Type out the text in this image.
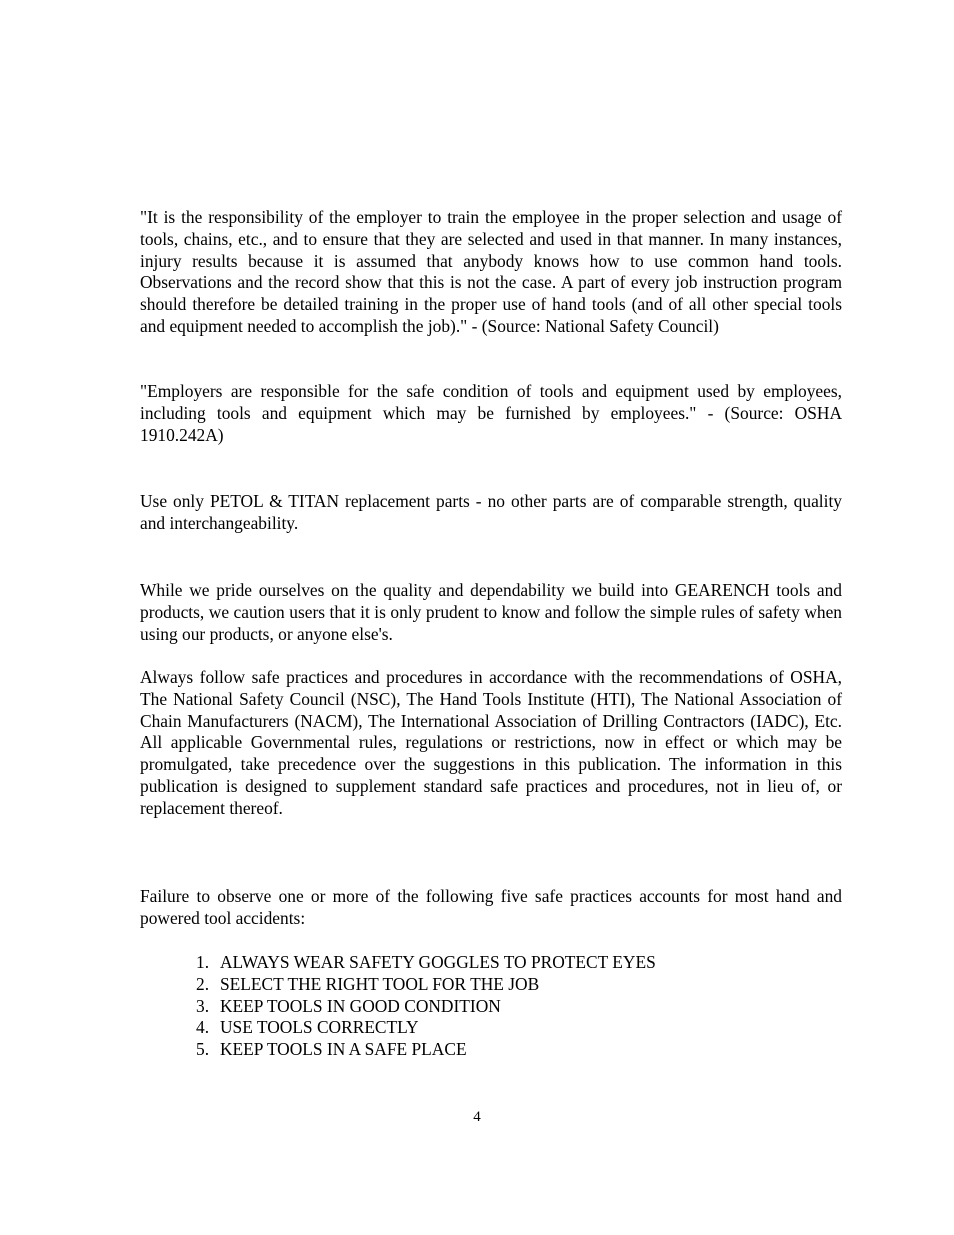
"It is the responsibility of the employer to train the employee in the proper selection and usage of tools, chains, etc., and to ensure that they are selected and used in that manner. In many instances, injury results because it is assumed that anybody knows how to use common hand tools. Observations and the record show that this is not the case. A part of every job instruction program should therefore be detailed training in the proper use of hand tools (and of all other special tools and equipment needed to accomplish the job)." - (Source: National Safety Council)

"Employers are responsible for the safe condition of tools and equipment used by employees, including tools and equipment which may be furnished by employees." - (Source: OSHA 1910.242A)

Use only PETOL & TITAN replacement parts - no other parts are of comparable strength, quality and interchangeability.

While we pride ourselves on the quality and dependability we build into GEARENCH tools and products, we caution users that it is only prudent to know and follow the simple rules of safety when using our products, or anyone else's.

Always follow safe practices and procedures in accordance with the recommendations of OSHA, The National Safety Council (NSC), The Hand Tools Institute (HTI), The National Association of Chain Manufacturers (NACM), The International Association of Drilling Contractors (IADC), Etc. All applicable Governmental rules, regulations or restrictions, now in effect or which may be promulgated, take precedence over the suggestions in this publication. The information in this publication is designed to supplement standard safe practices and procedures, not in lieu of, or replacement thereof.

Failure to observe one or more of the following five safe practices accounts for most hand and powered tool accidents:

1. ALWAYS WEAR SAFETY GOGGLES TO PROTECT EYES
2. SELECT THE RIGHT TOOL FOR THE JOB
3. KEEP TOOLS IN GOOD CONDITION
4. USE TOOLS CORRECTLY
5. KEEP TOOLS IN A SAFE PLACE
4
